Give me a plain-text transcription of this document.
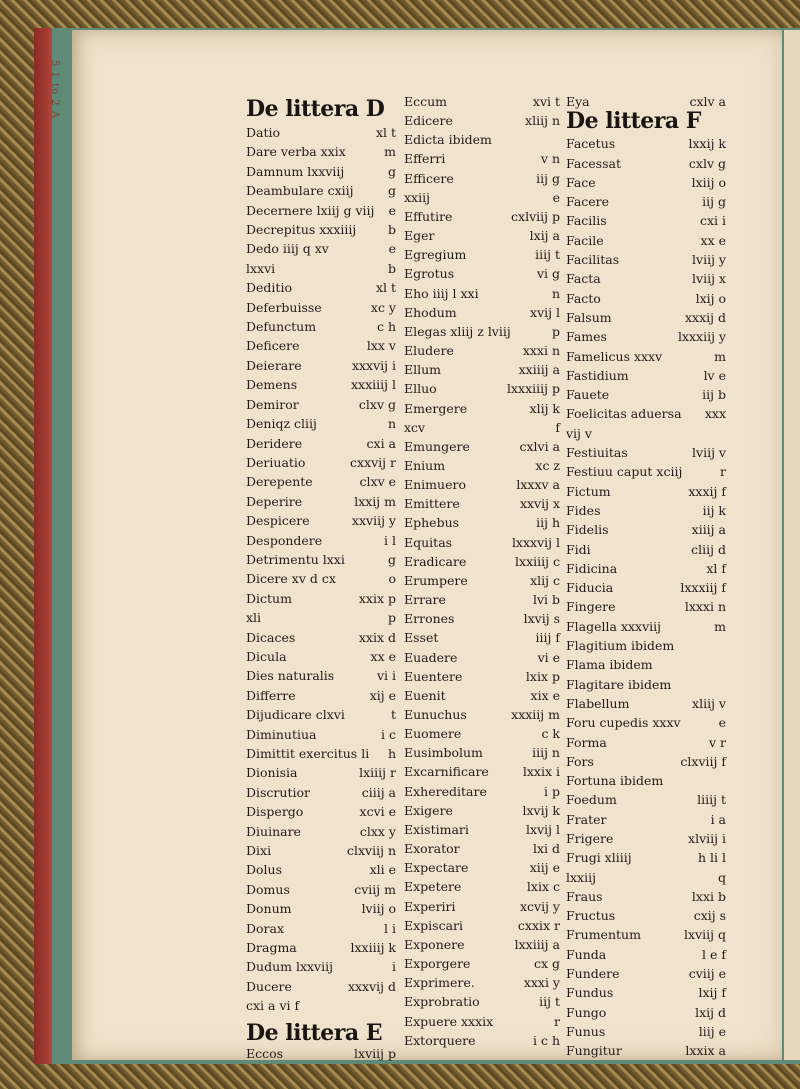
5 1 to 2 A	De littera D
Datio	xl t
Dare verba xxix	m
Damnum lxxviij	g
Deambulare cxiij	g
Decernere lxiij g viij	e
Decrepitus xxxiiij	b
Dedo iiij q xv	e
lxxvi	b
Deditio	xl t
Deferbuisse	xc y
Defunctum	c h
Deficere	lxx v
Deierare	xxxvij i
Demens	xxxiiij l
Demiror	clxv g
Deniqz cliij	n
Deridere	cxi a
Deriuatio	cxxvij r
Derepente	clxv e
Deperire	lxxij m
Despicere	xxviij y
Despondere	i l
Detrimentu lxxi	g
Dicere xv d cx	o
Dictum	xxix p
xli	p
Dicaces	xxix d
Dicula	xx e
Dies naturalis	vi i
Differre	xij e
Dijudicare clxvi	t
Diminutiua	i c
Dimittit exercitus li	h
Dionisia	lxiiij r
Discrutior	ciiij a
Dispergo	xcvi e
Diuinare	clxx y
Dixi	clxviij n
Dolus	xli e
Domus	cviij m
Donum	lviij o
Dorax	l i
Dragma	lxxiiij k
Dudum lxxviij	i
Ducere	xxxvij d
cxi a vi f
De littera E
Eccos	lxviij p
Eccum	xvi t
Edicere	xliij n
Edicta ibidem
Efferri	v n
Efficere	iij g
xxiij	e
Effutire	cxlviij p
Eger	lxij a
Egregium	iiij t
Egrotus	vi g
Eho iiij l xxi	n
Ehodum	xvij l
Elegas xliij z lviij	p
Eludere	xxxi n
Ellum	xxiiij a
Elluo	lxxxiiij p
Emergere	xlij k
xcv	f
Emungere	cxlvi a
Enium	xc z
Enimuero	lxxxv a
Emittere	xxvij x
Ephebus	iij h
Equitas	lxxxvij l
Eradicare	lxxiiij c
Erumpere	xlij c
Errare	lvi b
Errones	lxvij s
Esset	iiij f
Euadere	vi e
Euentere	lxix p
Euenit	xix e
Eunuchus	xxxiij m
Euomere	c k
Eusimbolum	iiij n
Excarnificare	lxxix i
Exhereditare	i p
Exigere	lxvij k
Existimari	lxvij l
Exorator	lxi d
Expectare	xiij e
Expetere	lxix c
Experiri	xcvij y
Expiscari	cxxix r
Exponere	lxxiiij a
Exporgere	cx g
Exprimere.	xxxi y
Exprobratio	iij t
Expuere xxxix	r
Extorquere	i c h
Eya	cxlv a
De littera F
Facetus	lxxij k
Facessat	cxlv g
Face	lxiij o
Facere	iij g
Facilis	cxi i
Facile	xx e
Facilitas	lviij y
Facta	lviij x
Facto	lxij o
Falsum	xxxij d
Fames	lxxxiij y
Famelicus xxxv	m
Fastidium	lv e
Fauete	iij b
Foelicitas aduersa	xxx
vij v
Festiuitas	lviij v
Festiuu caput xciij	r
Fictum	xxxij f
Fides	iij k
Fidelis	xiiij a
Fidi	cliij d
Fidicina	xl f
Fiducia	lxxxiij f
Fingere	lxxxi n
Flagella xxxviij	m
Flagitium ibidem
Flama ibidem
Flagitare ibidem
Flabellum	xliij v
Foru cupedis xxxv	e
Forma	v r
Fors	clxviij f
Fortuna ibidem
Foedum	liiij t
Frater	i a
Frigere	xlviij i
Frugi xliiij	h li l
lxxiij	q
Fraus	lxxi b
Fructus	cxij s
Frumentum	lxviij q
Funda	l e f
Fundere	cviij e
Fundus	lxij f
Fungo	lxij d
Funus	liij e
Fungitur	lxxix a
